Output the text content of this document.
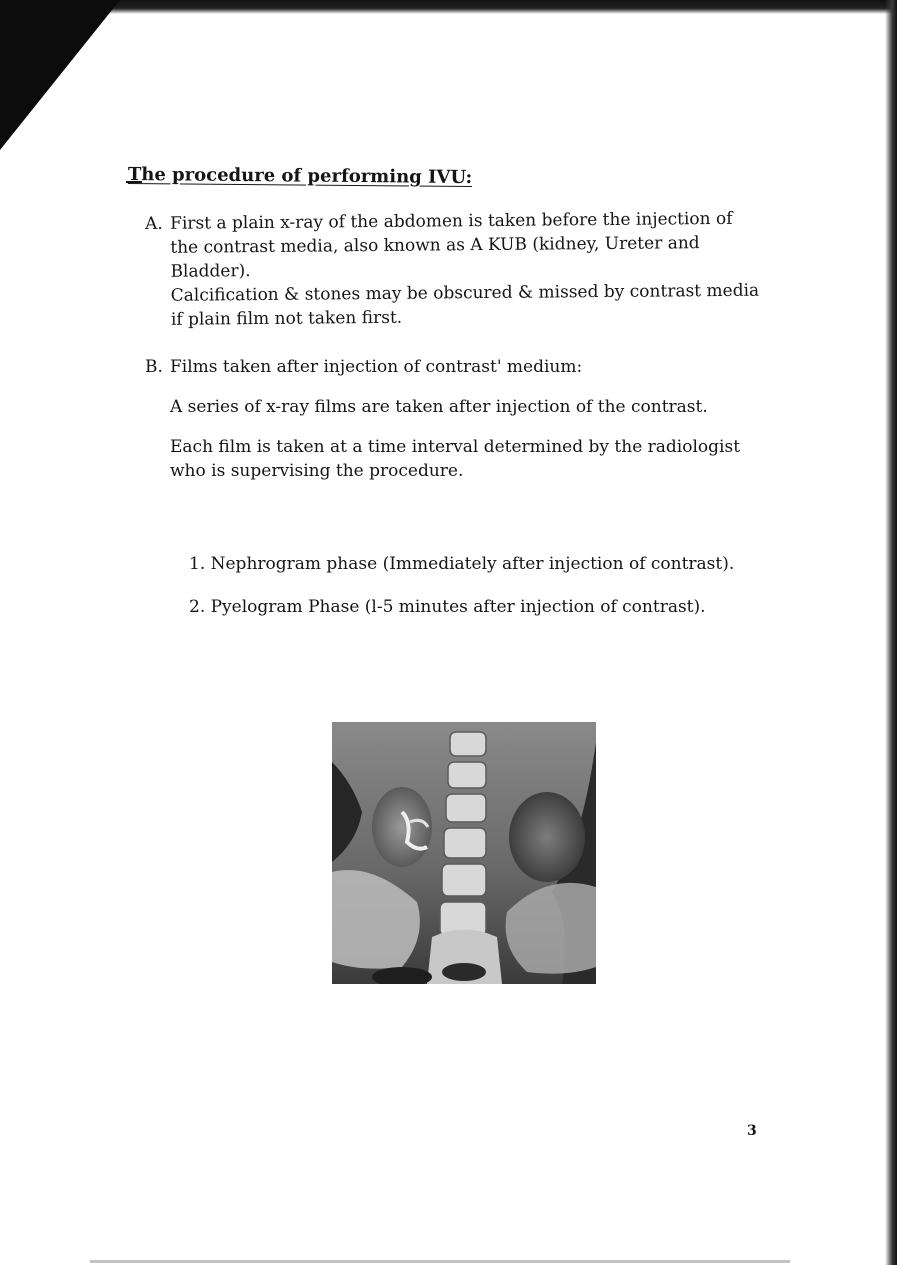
The procedure of performing IVU:
A. First a plain x-ray of the abdomen is taken before the injection of
the contrast media, also known as A KUB (kidney, Ureter and
Bladder).
Calcification & stones may be obscured & missed by contrast media
if plain film not taken first.
B. Films taken after injection of contrast' medium:
A series of x-ray films are taken after injection of the contrast.
Each film is taken at a time interval determined by the radiologist
who is supervising the procedure.
1. Nephrogram phase (Immediately after injection of contrast).
2. Pyelogram Phase (l-5 minutes after injection of contrast).
3
